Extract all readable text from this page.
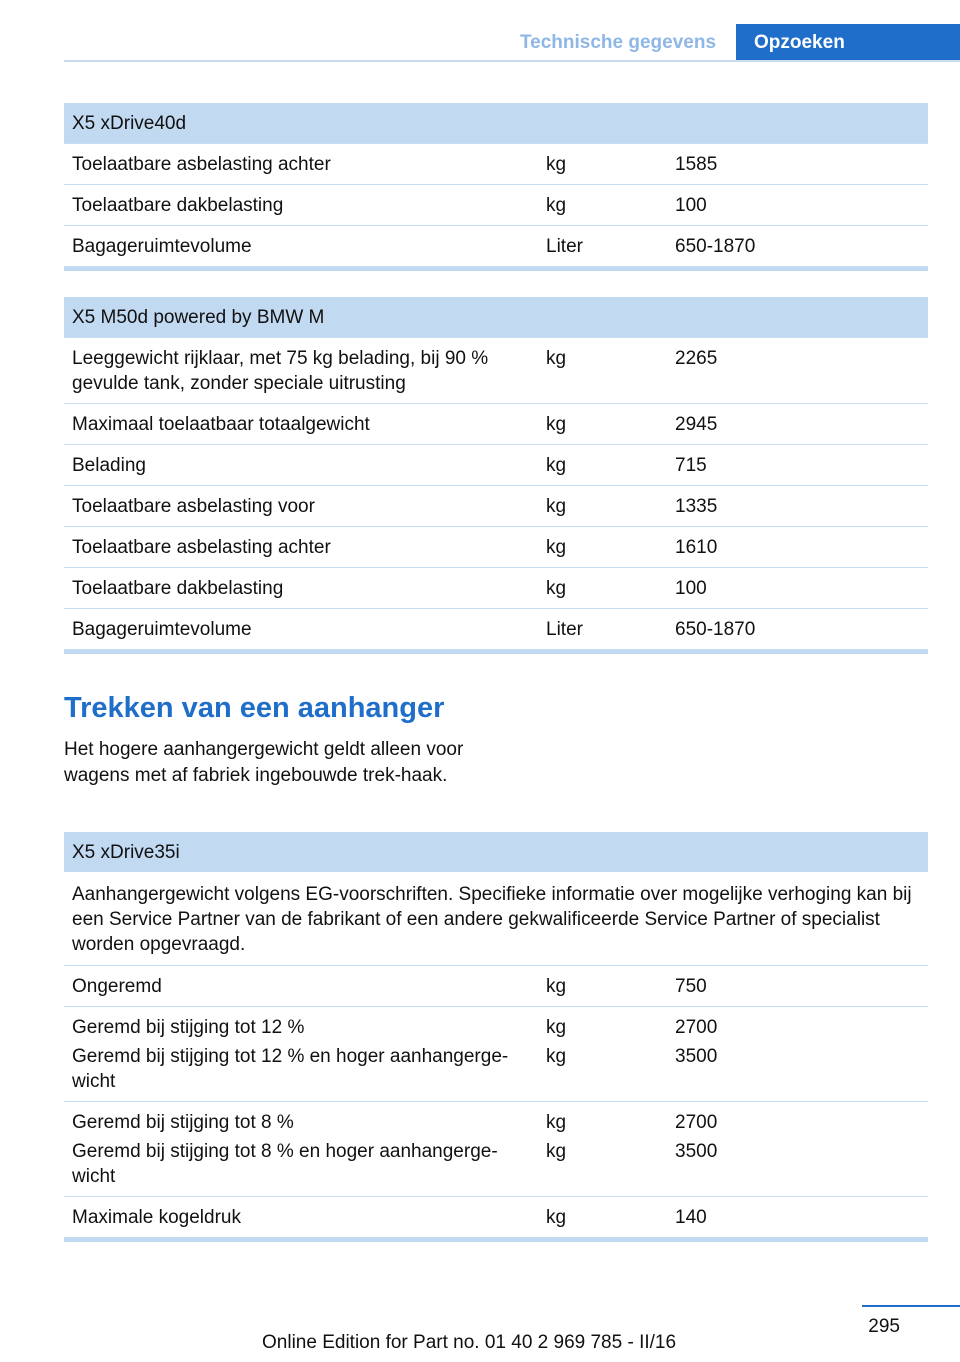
Technische gegevens	Opzoeken
X5 xDrive40d		
Toelaatbare asbelasting achter	kg	1585
Toelaatbare dakbelasting	kg	100
Bagageruimtevolume	Liter	650-1870

X5 M50d powered by BMW M		
Leeggewicht rijklaar, met 75 kg belading, bij 90 % gevulde tank, zonder speciale uitrusting	kg	2265
Maximaal toelaatbaar totaalgewicht	kg	2945
Belading	kg	715
Toelaatbare asbelasting voor	kg	1335
Toelaatbare asbelasting achter	kg	1610
Toelaatbare dakbelasting	kg	100
Bagageruimtevolume	Liter	650-1870

Trekken van een aanhanger

Het hogere aanhangergewicht geldt alleen voor wagens met af fabriek ingebouwde trek-haak.

X5 xDrive35i		
Aanhangergewicht volgens EG-voorschriften. Specifieke informatie over mogelijke verhoging kan bij een Service Partner van de fabrikant of een andere gekwalificeerde Service Partner of specialist worden opgevraagd.		
Ongeremd	kg	750
Geremd bij stijging tot 12 %	kg	2700
Geremd bij stijging tot 12 % en hoger aanhangerge-wicht	kg	3500
Geremd bij stijging tot 8 %	kg	2700
Geremd bij stijging tot 8 % en hoger aanhangerge-wicht	kg	3500
Maximale kogeldruk	kg	140

295
Online Edition for Part no. 01 40 2 969 785 - II/16
